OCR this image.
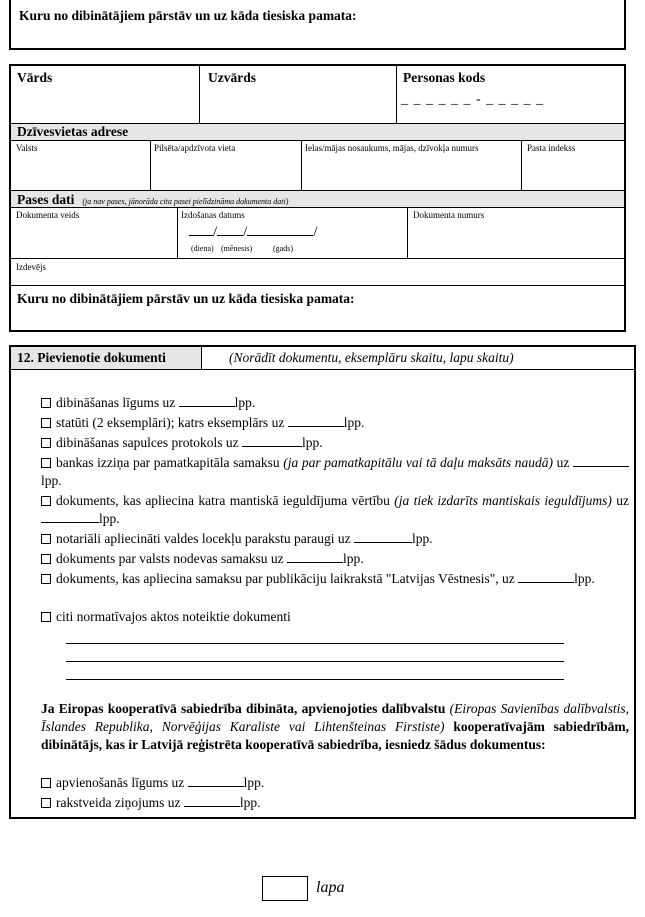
Kuru no dibinātājiem pārstāv un uz kāda tiesiska pamata:
Vārds	Uzvārds	Personas kods
_ _ _ _ _ _ - _ _ _ _ _
Dzīvesvietas adrese
Valsts	Pilsēta/apdzīvota vieta	Ielas/mājas nosaukums, mājas, dzīvokļa numurs	Pasta indekss
Pases dati (ja nav pases, jānorāda cita pasei pielīdzināma dokumenta dati)
Dokumenta veids	Izdošanas datums
/ /	/
(diena) (mēnesis)	(gads)
Dokumenta numurs
Izdevējs
Kuru no dibinātājiem pārstāv un uz kāda tiesiska pamata:
12. Pievienotie dokumenti	(Norādīt dokumentu, eksemplāru skaitu, lapu skaitu)
dibināšanas līgums uz	lpp.
statūti (2 eksemplāri); katrs eksemplārs uz	lpp.
dibināšanas sapulces protokols uz	lpp.
bankas izziņa par pamatkapitāla samaksu (ja par pamatkapitālu vai tā daļu maksāts naudā) uz lpp.
dokuments, kas apliecina katra mantiskā ieguldījuma vērtību (ja tiek izdarīts mantiskais ieguldījums) uz lpp.
notariāli apliecināti valdes locekļu parakstu paraugi uz	lpp.
dokuments par valsts nodevas samaksu uz	lpp.
dokuments, kas apliecina samaksu par publikāciju laikrakstā "Latvijas Vēstnesis", uz	lpp.
citi normatīvajos aktos noteiktie dokumenti
Ja Eiropas kooperatīvā sabiedrība dibināta, apvienojoties dalībvalstu (Eiropas Savienības dalībvalstis, Īslandes Republika, Norvēģijas Karaliste vai Lihtenšteinas Firstiste) kooperatīvajām sabiedrībām, dibinātājs, kas ir Latvijā reģistrēta kooperatīvā sabiedrība, iesniedz šādus dokumentus:
apvienošanās līgums uz	lpp.
rakstveida ziņojums uz	lpp.
lapa
